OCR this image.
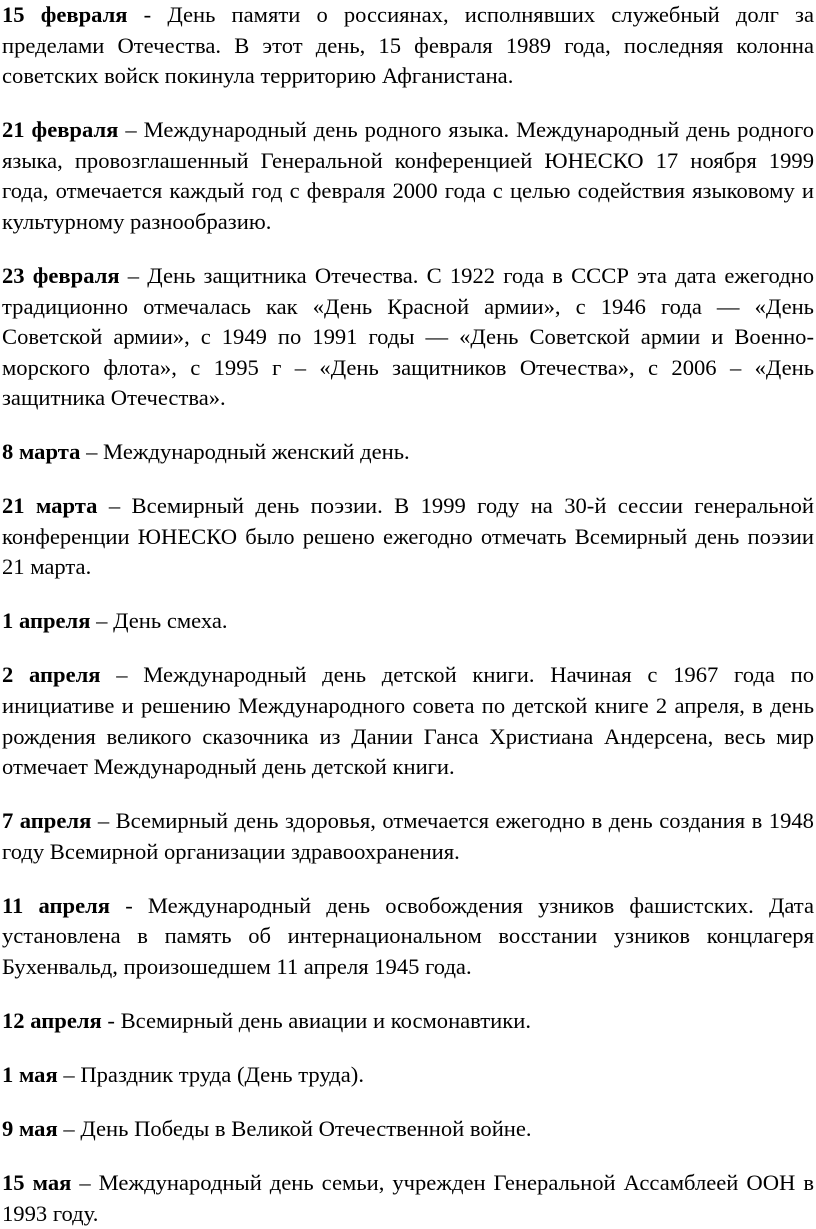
15 февраля - День памяти о россиянах, исполнявших служебный долг за пределами Отечества. В этот день, 15 февраля 1989 года, последняя колонна советских войск покинула территорию Афганистана.

21 февраля – Международный день родного языка. Международный день родного языка, провозглашенный Генеральной конференцией ЮНЕСКО 17 ноября 1999 года, отмечается каждый год с февраля 2000 года с целью содействия языковому и культурному разнообразию.

23 февраля – День защитника Отечества. С 1922 года в СССР эта дата ежегодно традиционно отмечалась как «День Красной армии», с 1946 года — «День Советской армии», с 1949 по 1991 годы — «День Советской армии и Военно-морского флота», с 1995 г – «День защитников Отечества», с 2006 – «День защитника Отечества».

8 марта – Международный женский день.

21 марта – Всемирный день поэзии. В 1999 году на 30-й сессии генеральной конференции ЮНЕСКО было решено ежегодно отмечать Всемирный день поэзии 21 марта.

1 апреля – День смеха.

2 апреля – Международный день детской книги. Начиная с 1967 года по инициативе и решению Международного совета по детской книге 2 апреля, в день рождения великого сказочника из Дании Ганса Христиана Андерсена, весь мир отмечает Международный день детской книги.

7 апреля – Всемирный день здоровья, отмечается ежегодно в день создания в 1948 году Всемирной организации здравоохранения.

11 апреля - Международный день освобождения узников фашистских. Дата установлена в память об интернациональном восстании узников концлагеря Бухенвальд, произошедшем 11 апреля 1945 года.

12 апреля - Всемирный день авиации и космонавтики.

1 мая – Праздник труда (День труда).

9 мая – День Победы в Великой Отечественной войне.

15 мая – Международный день семьи, учрежден Генеральной Ассамблеей ООН в 1993 году.
